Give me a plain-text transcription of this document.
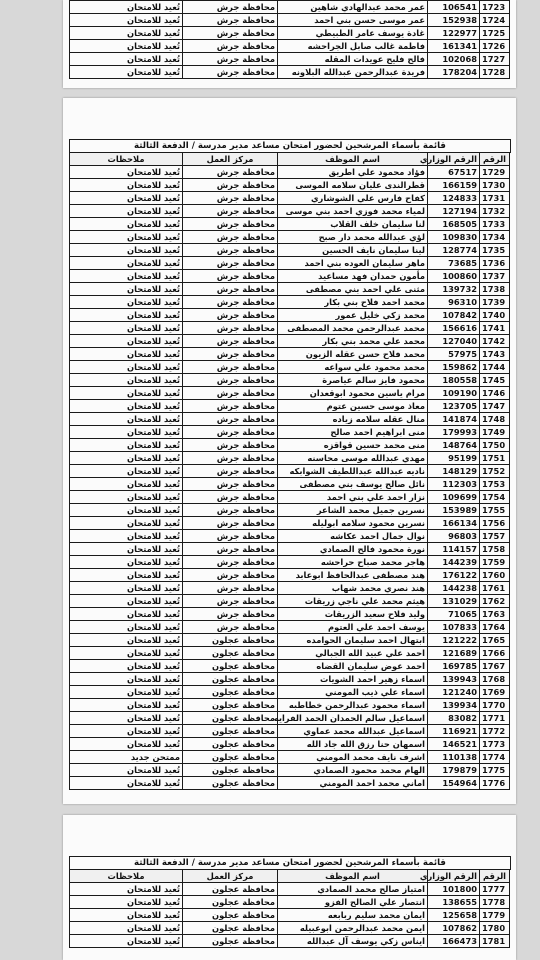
1723	106541	عمر محمد عبدالهادي شاهين	محافظة جرش	تُعيد للامتحان
1724	152938	عمر موسى حسن بني احمد	محافظة جرش	تُعيد للامتحان
1725	122977	غادة يوسف عامر الطبيطي	محافظة جرش	تُعيد للامتحان
1726	161341	فاطمة غالب صابل الجراحشه	محافظة جرش	تُعيد للامتحان
1727	102068	فالح فليح عويدات المقله	محافظة جرش	تُعيد للامتحان
1728	178204	فريدة عبدالرحمن عبدالله البلاونه	محافظة جرش	تُعيد للامتحان
قائمة بأسماء المرشحين لحضور امتحان مساعد مدير مدرسة / الدفعة الثالثة
الرقم	الرقم الوزاري	اسم الموظف	مركز العمل	ملاحظات
1729	67517	فؤاد محمود علي اطريق	محافظة جرش	تُعيد للامتحان
1730	166159	قطرالندى عليان سلامه الموسى	محافظة جرش	تُعيد للامتحان
1731	124833	كفاح فارس علي الشوشاري	محافظة جرش	تُعيد للامتحان
1732	127194	لمياء محمد فوزي احمد بني موسى	محافظة جرش	تُعيد للامتحان
1733	168505	لنا سليمان خلف القلاب	محافظة جرش	تُعيد للامتحان
1734	109830	لؤي عبدالله محمد دار صبح	محافظة جرش	تُعيد للامتحان
1735	128774	لينا سليمان نايف الحسين	محافظة جرش	تُعيد للامتحان
1736	73685	ماهر سليمان العوده بني احمد	محافظة جرش	تُعيد للامتحان
1737	100860	مأمون حمدان فهد مساعيد	محافظة جرش	تُعيد للامتحان
1738	139732	مثنى علي احمد بني مصطفى	محافظة جرش	تُعيد للامتحان
1739	96310	محمد احمد فلاح بني بكار	محافظة جرش	تُعيد للامتحان
1740	107842	محمد زكي خليل عمور	محافظة جرش	تُعيد للامتحان
1741	156616	محمد عبدالرحمن محمد المصطفى	محافظة جرش	تُعيد للامتحان
1742	127040	محمد علي محمد بني بكار	محافظة جرش	تُعيد للامتحان
1743	57975	محمد فلاح حسن عقله الزيون	محافظة جرش	تُعيد للامتحان
1744	159862	محمد محمود علي سواعه	محافظة جرش	تُعيد للامتحان
1745	180558	محمود فايز سالم عياصرة	محافظة جرش	تُعيد للامتحان
1746	109190	مرام ياسين محمود ابوقعدان	محافظة جرش	تُعيد للامتحان
1747	123705	معاذ موسى حسين عتوم	محافظة جرش	تُعيد للامتحان
1748	141874	منال عقله سلامه زياده	محافظة جرش	تُعيد للامتحان
1749	179993	منى ابراهيم احمد صالح	محافظة جرش	تُعيد للامتحان
1750	148764	منى محمد حسين قواقزه	محافظة جرش	تُعيد للامتحان
1751	95199	مهدي عبدالله موسى محاسنه	محافظة جرش	تُعيد للامتحان
1752	148129	ناديه عبدالله عبداللطيف الشوابكه	محافظة جرش	تُعيد للامتحان
1753	112303	نائل صالح يوسف بني مصطفى	محافظة جرش	تُعيد للامتحان
1754	109699	نزار احمد علي بني احمد	محافظة جرش	تُعيد للامتحان
1755	153989	نسرين جميل محمد الشاعر	محافظة جرش	تُعيد للامتحان
1756	166134	نسرين محمود سلامه ابوليله	محافظة جرش	تُعيد للامتحان
1757	96803	نوال جمال احمد عكاشه	محافظة جرش	تُعيد للامتحان
1758	114157	نورة محمود فالح الصمادي	محافظة جرش	تُعيد للامتحان
1759	144239	هاجر محمد صباح حراحشه	محافظة جرش	تُعيد للامتحان
1760	176122	هند مصطفى عبدالحافظ ابوعابد	محافظة جرش	تُعيد للامتحان
1761	144238	هند نصري محمد شهاب	محافظة جرش	تُعيد للامتحان
1762	131029	هيثم محمد علي ناجي زريقات	محافظة جرش	تُعيد للامتحان
1763	71065	وليد فلاح سعيد الزريقات	محافظة جرش	تُعيد للامتحان
1764	107833	يوسف احمد علي العتوم	محافظة جرش	تُعيد للامتحان
1765	121222	ابتهال احمد سليمان الحوامده	محافظة عجلون	تُعيد للامتحان
1766	121689	احمد علي عبيد الله الجبالي	محافظة عجلون	تُعيد للامتحان
1767	169785	احمد عوض سليمان القضاه	محافظة عجلون	تُعيد للامتحان
1768	139943	اسماء زهير احمد الشويات	محافظة عجلون	تُعيد للامتحان
1769	121240	اسماء علي ذيب المومني	محافظة عجلون	تُعيد للامتحان
1770	139934	اسماء محمود عبدالرحمن خطاطبه	محافظة عجلون	تُعيد للامتحان
1771	83082	اسماعيل سالم الحمدان الحمد الفرايه	محافظة عجلون	تُعيد للامتحان
1772	116921	اسماعيل عبدالله محمد عماوي	محافظة عجلون	تُعيد للامتحان
1773	146521	اسمهان حنا رزق الله جاد الله	محافظة عجلون	تُعيد للامتحان
1774	110138	اشرف نايف محمد المومني	محافظة عجلون	ممتحن جديد
1775	179879	الهام محمد محمود الصمادي	محافظة عجلون	تُعيد للامتحان
1776	154964	اماني محمد احمد المومني	محافظة عجلون	تُعيد للامتحان
قائمة بأسماء المرشحين لحضور امتحان مساعد مدير مدرسة / الدفعة الثالثة
الرقم	الرقم الوزاري	اسم الموظف	مركز العمل	ملاحظات
1777	101800	امتياز صالح محمد الصمادي	محافظة عجلون	تُعيد للامتحان
1778	138655	انتصار علي الصالح الفزو	محافظة عجلون	تُعيد للامتحان
1779	125658	ايمان محمد سليم ربابعه	محافظة عجلون	تُعيد للامتحان
1780	107862	ايمن محمد عبدالرحمن ابوعبيله	محافظة عجلون	تُعيد للامتحان
1781	166473	ايناس زكي يوسف آل عبدالله	محافظة عجلون	تُعيد للامتحان
